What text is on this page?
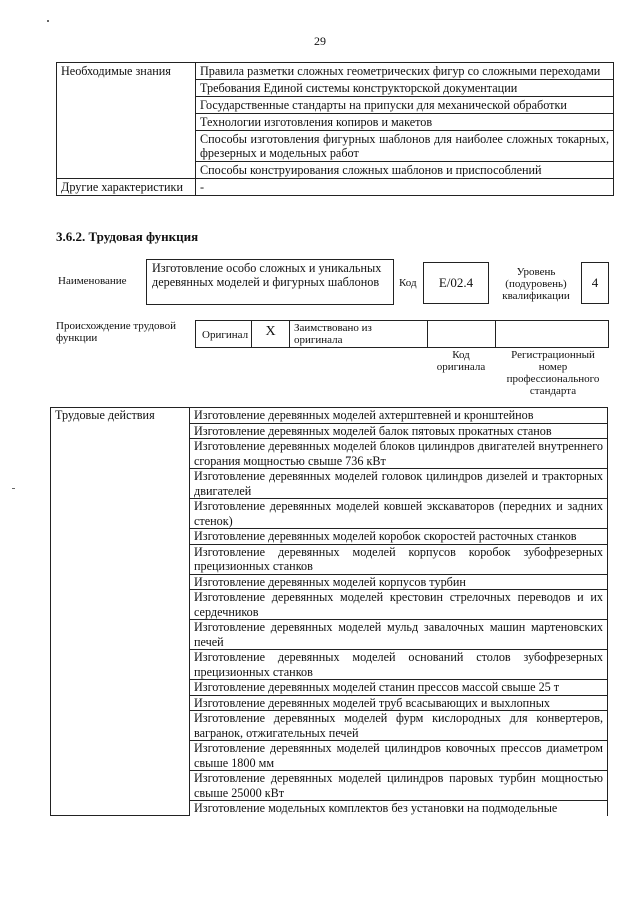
29
Необходимые знания	Правила разметки сложных геометрических фигур со сложными переходами
	Требования Единой системы конструкторской документации
	Государственные стандарты на припуски для механической обработки
	Технологии изготовления копиров и макетов
	Способы изготовления фигурных шаблонов для наиболее сложных токарных, фрезерных и модельных работ
	Способы конструирования сложных шаблонов и приспособлений
Другие характеристики	-
3.6.2. Трудовая функция
Наименование
Изготовление особо сложных и уникальных деревянных моделей и фигурных шаблонов	Код	E/02.4
Уровень (подуровень) квалификации
4
Происхождение трудовой функции	Оригинал	X	Заимствовано из оригинала
Код оригинала
Регистрационный номер профессионального стандарта
Трудовые действия	Изготовление деревянных моделей ахтерштевней и кронштейнов
Изготовление деревянных моделей балок пятовых прокатных станов
Изготовление деревянных моделей блоков цилиндров двигателей внутреннего сгорания мощностью свыше 736 кВт
Изготовление деревянных моделей головок цилиндров дизелей и тракторных двигателей
Изготовление деревянных моделей ковшей экскаваторов (передних и задних стенок)
Изготовление деревянных моделей коробок скоростей расточных станков
Изготовление деревянных моделей корпусов коробок зубофрезерных прецизионных станков
Изготовление деревянных моделей корпусов турбин
Изготовление деревянных моделей крестовин стрелочных переводов и их сердечников
Изготовление деревянных моделей мульд завалочных машин мартеновских печей
Изготовление деревянных моделей оснований столов зубофрезерных прецизионных станков
Изготовление деревянных моделей станин прессов массой свыше 25 т
Изготовление деревянных моделей труб всасывающих и выхлопных
Изготовление деревянных моделей фурм кислородных для конвертеров, вагранок, отжигательных печей
Изготовление деревянных моделей цилиндров ковочных прессов диаметром свыше 1800 мм
Изготовление деревянных моделей цилиндров паровых турбин мощностью свыше 25000 кВт
Изготовление модельных комплектов без установки на подмодельные
